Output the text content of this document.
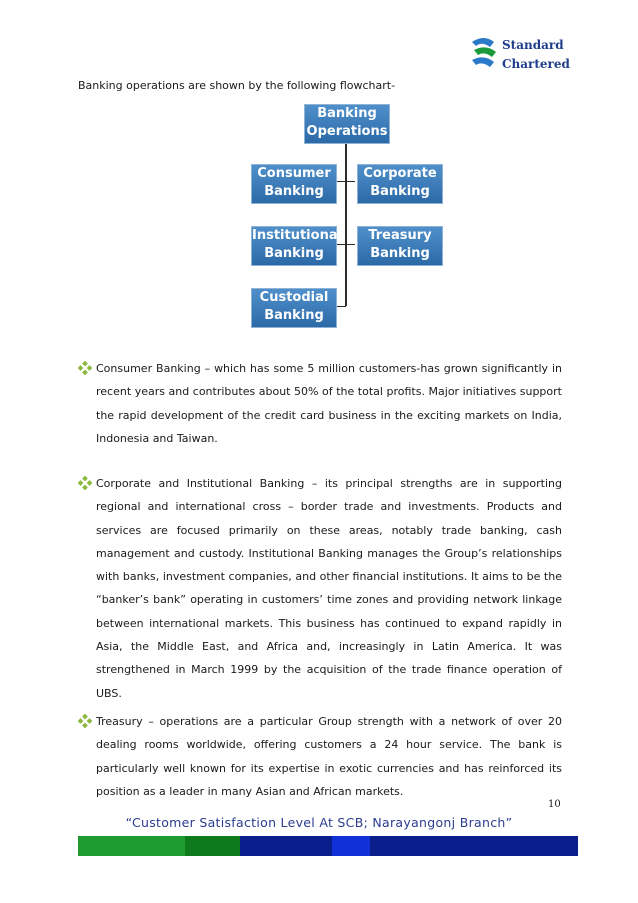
Standard
Chartered
Banking operations are shown by the following flowchart-
Banking
Operations
Consumer
Banking
Corporate
Banking
Institutional
Banking
Treasury
Banking
Custodial
Banking
Consumer Banking – which has some 5 million customers-has grown significantly in recent years and contributes about 50% of the total profits. Major initiatives support the rapid development of the credit card business in the exciting markets on India, Indonesia and Taiwan.
Corporate and Institutional Banking – its principal strengths are in supporting regional and international cross – border trade and investments. Products and services are focused primarily on these areas, notably trade banking, cash management and custody. Institutional Banking manages the Group’s relationships with banks, investment companies, and other financial institutions. It aims to be the “banker’s bank” operating in customers’ time zones and providing network linkage between international markets. This business has continued to expand rapidly in Asia, the Middle East, and Africa and, increasingly in Latin America. It was strengthened in March 1999 by the acquisition of the trade finance operation of UBS.
Treasury – operations are a particular Group strength with a network of over 20 dealing rooms worldwide, offering customers a 24 hour service. The bank is particularly well known for its expertise in exotic currencies and has reinforced its position as a leader in many Asian and African markets.
10
“Customer Satisfaction Level At SCB; Narayangonj Branch”
